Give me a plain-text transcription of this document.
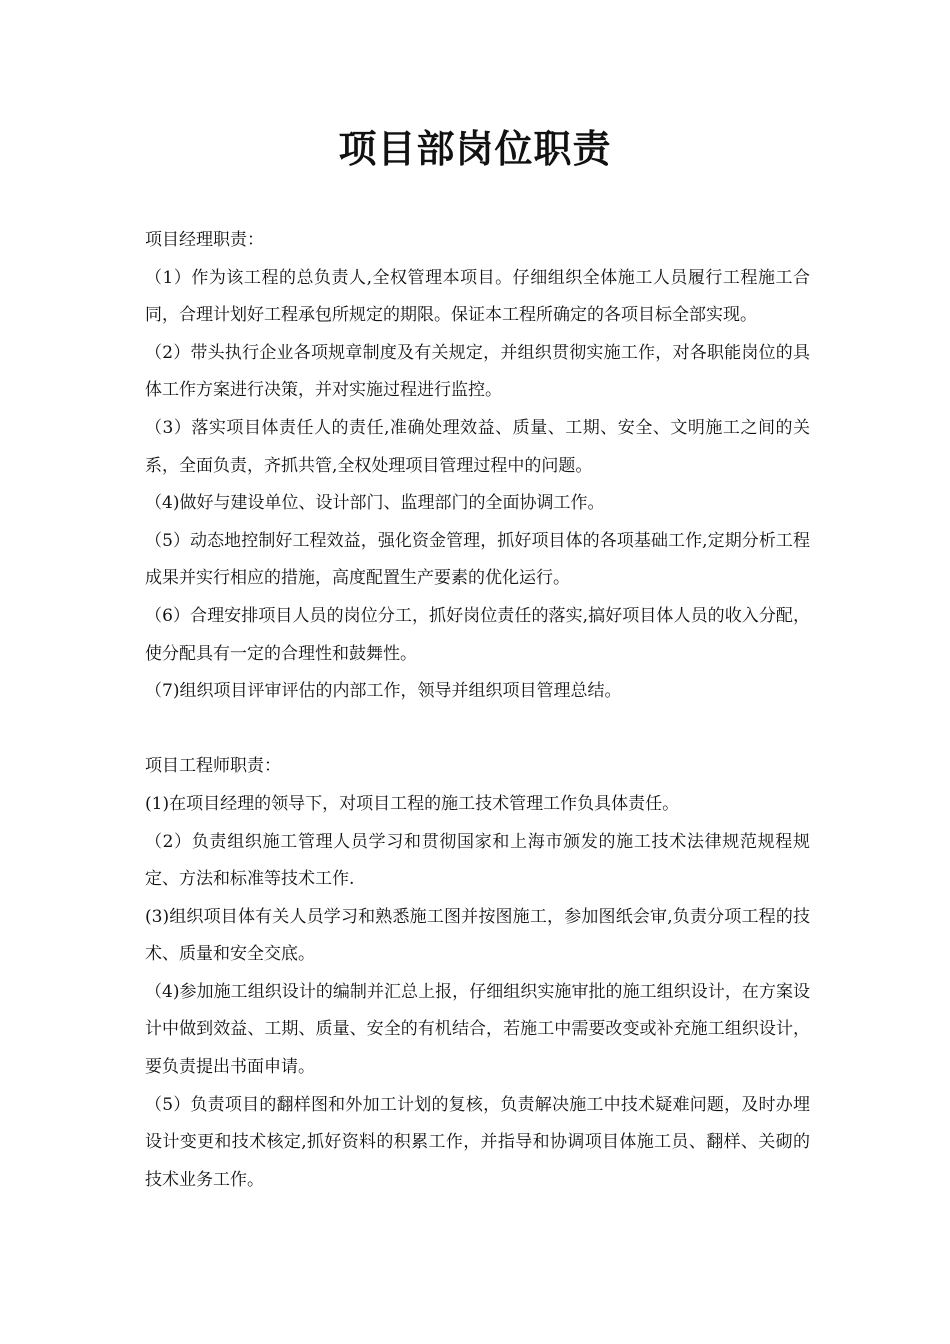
项目部岗位职责

项目经理职责：

（1）作为该工程的总负责人,全权管理本项目。仔细组织全体施工人员履行工程施工合同，合理计划好工程承包所规定的期限。保证本工程所确定的各项目标全部实现。

（2）带头执行企业各项规章制度及有关规定，并组织贯彻实施工作，对各职能岗位的具体工作方案进行决策，并对实施过程进行监控。

（3）落实项目体责任人的责任,准确处理效益、质量、工期、安全、文明施工之间的关系，全面负责，齐抓共管,全权处理项目管理过程中的问题。

（4)做好与建设单位、设计部门、监理部门的全面协调工作。

（5）动态地控制好工程效益，强化资金管理，抓好项目体的各项基础工作,定期分析工程成果并实行相应的措施，高度配置生产要素的优化运行。

（6）合理安排项目人员的岗位分工，抓好岗位责任的落实,搞好项目体人员的收入分配，使分配具有一定的合理性和鼓舞性。

（7)组织项目评审评估的内部工作，领导并组织项目管理总结。

项目工程师职责：

(1)在项目经理的领导下，对项目工程的施工技术管理工作负具体责任。

（2）负责组织施工管理人员学习和贯彻国家和上海市颁发的施工技术法律规范规程规定、方法和标准等技术工作.

(3)组织项目体有关人员学习和熟悉施工图并按图施工，参加图纸会审,负责分项工程的技术、质量和安全交底。

（4)参加施工组织设计的编制并汇总上报，仔细组织实施审批的施工组织设计，在方案设计中做到效益、工期、质量、安全的有机结合，若施工中需要改变或补充施工组织设计，要负责提出书面申请。

（5）负责项目的翻样图和外加工计划的复核，负责解决施工中技术疑难问题，及时办埋设计变更和技术核定,抓好资料的积累工作，并指导和协调项目体施工员、翻样、关砌的技术业务工作。
